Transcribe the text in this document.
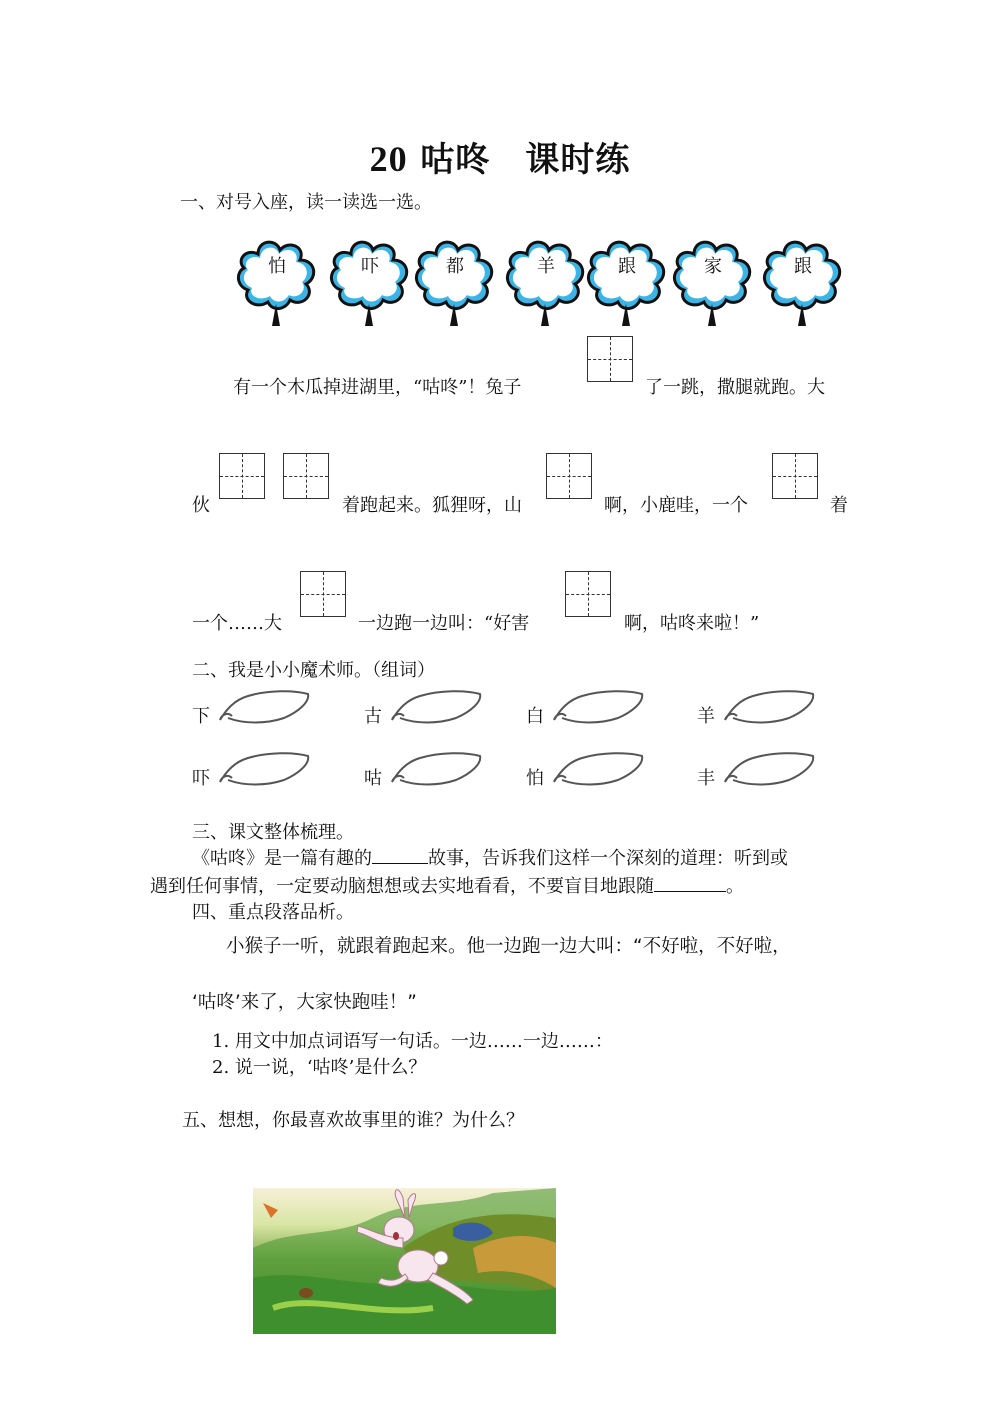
20 咕咚　课时练
一、对号入座，读一读选一选。
怕	吓	都	羊	跟	家	跟
有一个木瓜掉进湖里，“咕咚”！兔子	了一跳，撒腿就跑。大
伙	着跑起来。狐狸呀，山	啊，小鹿哇，一个	着
一个……大	一边跑一边叫：“好害	啊，咕咚来啦！”
二、我是小小魔术师。（组词）
下	古	白	羊
吓	咕	怕	丰
三、课文整体梳理。
《咕咚》是一篇有趣的	故事，告诉我们这样一个深刻的道理：听到或
遇到任何事情，一定要动脑想想或去实地看看，不要盲目地跟随	。
四、重点段落品析。
小猴子一听，就跟着跑起来。他一边跑一边大叫：“不好啦，不好啦，
‘咕咚’来了，大家快跑哇！”
1. 用文中加点词语写一句话。一边……一边……：
2. 说一说，‘咕咚’是什么？
五、想想，你最喜欢故事里的谁？为什么？
